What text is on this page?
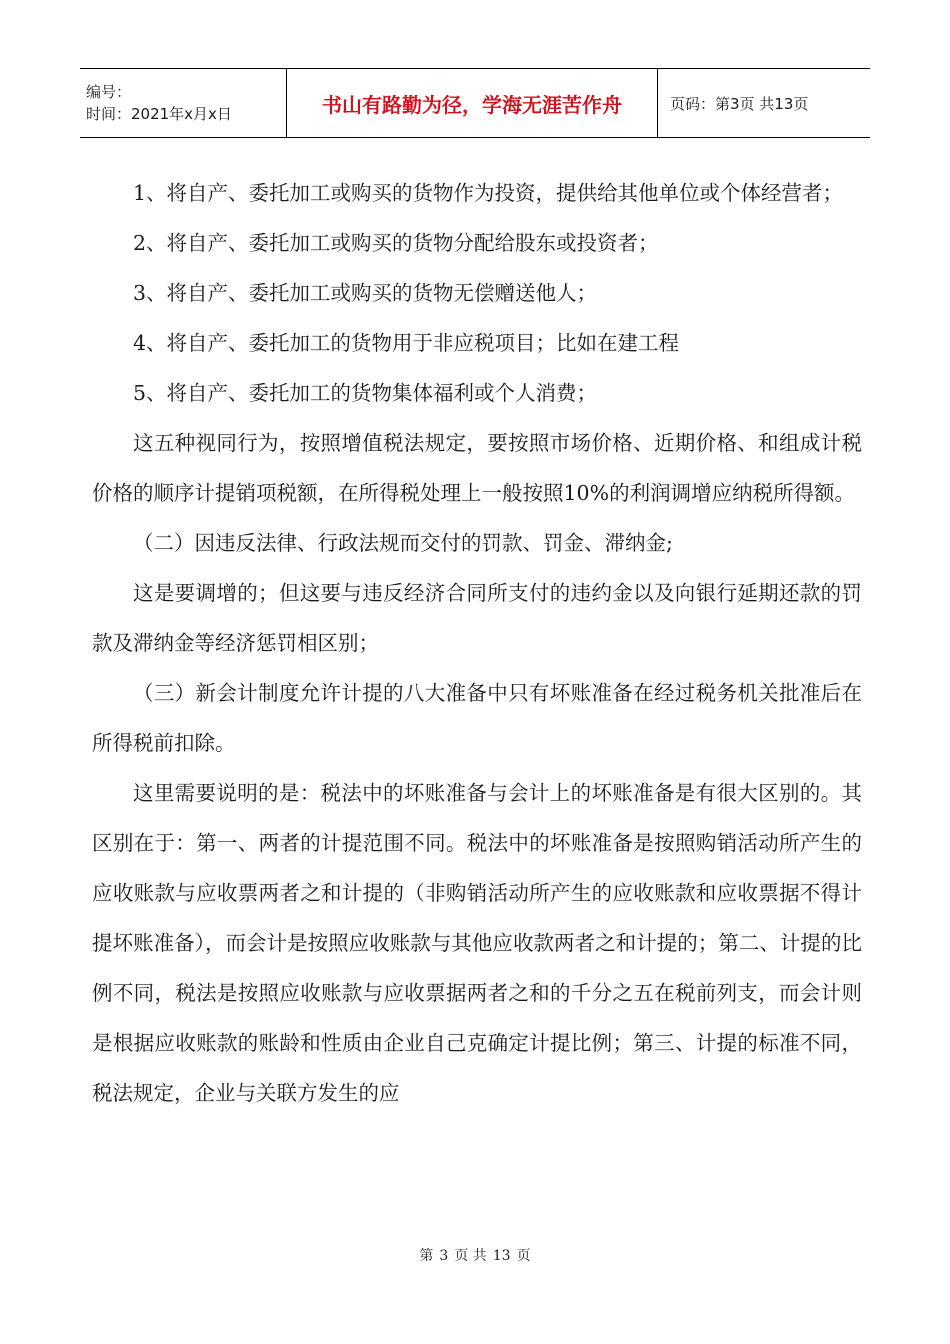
编号：
时间：2021年x月x日	书山有路勤为径，学海无涯苦作舟	页码：第3页 共13页

1、将自产、委托加工或购买的货物作为投资，提供给其他单位或个体经营者；

2、将自产、委托加工或购买的货物分配给股东或投资者；

3、将自产、委托加工或购买的货物无偿赠送他人；

4、将自产、委托加工的货物用于非应税项目；比如在建工程

5、将自产、委托加工的货物集体福利或个人消费；

这五种视同行为，按照增值税法规定，要按照市场价格、近期价格、和组成计税价格的顺序计提销项税额，在所得税处理上一般按照10%的利润调增应纳税所得额。

（二）因违反法律、行政法规而交付的罚款、罚金、滞纳金;

这是要调增的；但这要与违反经济合同所支付的违约金以及向银行延期还款的罚款及滞纳金等经济惩罚相区别；

（三）新会计制度允许计提的八大准备中只有坏账准备在经过税务机关批准后在所得税前扣除。

这里需要说明的是：税法中的坏账准备与会计上的坏账准备是有很大区别的。其区别在于：第一、两者的计提范围不同。税法中的坏账准备是按照购销活动所产生的应收账款与应收票两者之和计提的（非购销活动所产生的应收账款和应收票据不得计提坏账准备），而会计是按照应收账款与其他应收款两者之和计提的；第二、计提的比例不同，税法是按照应收账款与应收票据两者之和的千分之五在税前列支，而会计则是根据应收账款的账龄和性质由企业自己克确定计提比例；第三、计提的标准不同，税法规定，企业与关联方发生的应

第 3 页 共 13 页
